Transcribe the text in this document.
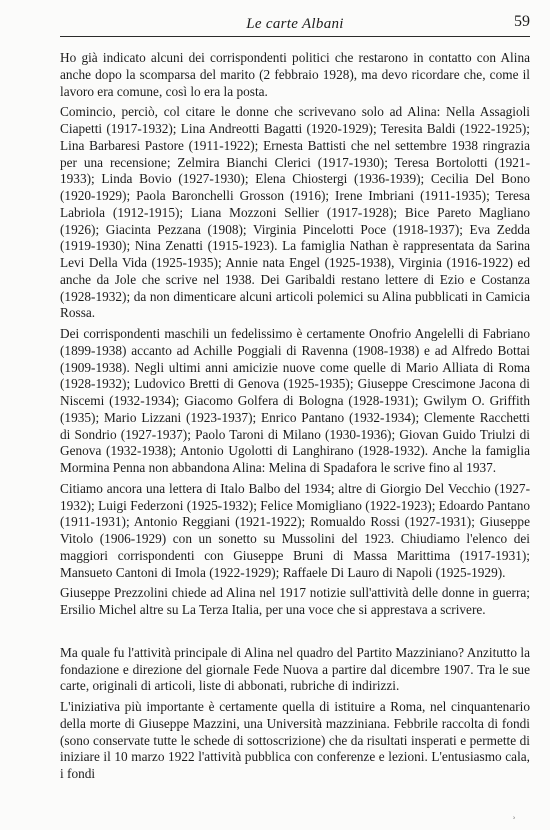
Le carte Albani	59

Ho già indicato alcuni dei corrispondenti politici che restarono in contatto con Alina anche dopo la scomparsa del marito (2 febbraio 1928), ma devo ricordare che, come il lavoro era comune, così lo era la posta.

Comincio, perciò, col citare le donne che scrivevano solo ad Alina: Nella Assagioli Ciapetti (1917-1932); Lina Andreotti Bagatti (1920-1929); Teresita Baldi (1922-1925); Lina Barbaresi Pastore (1911-1922); Ernesta Battisti che nel settembre 1938 ringrazia per una recensione; Zelmira Bianchi Clerici (1917-1930); Teresa Bortolotti (1921-1933); Linda Bovio (1927-1930); Elena Chiostergi (1936-1939); Cecilia Del Bono (1920-1929); Paola Baronchelli Grosson (1916); Irene Imbriani (1911-1935); Teresa Labriola (1912-1915); Liana Mozzoni Sellier (1917-1928); Bice Pareto Magliano (1926); Giacinta Pezzana (1908); Virginia Pincelotti Poce (1918-1937); Eva Zedda (1919-1930); Nina Zenatti (1915-1923). La famiglia Nathan è rappresentata da Sarina Levi Della Vida (1925-1935); Annie nata Engel (1925-1938), Virginia (1916-1922) ed anche da Jole che scrive nel 1938. Dei Garibaldi restano lettere di Ezio e Costanza (1928-1932); da non dimenticare alcuni articoli polemici su Alina pubblicati in Camicia Rossa.

Dei corrispondenti maschili un fedelissimo è certamente Onofrio Angelelli di Fabriano (1899-1938) accanto ad Achille Poggiali di Ravenna (1908-1938) e ad Alfredo Bottai (1909-1938). Negli ultimi anni amicizie nuove come quelle di Mario Alliata di Roma (1928-1932); Ludovico Bretti di Genova (1925-1935); Giuseppe Crescimone Jacona di Niscemi (1932-1934); Giacomo Golfera di Bologna (1928-1931); Gwilym O. Griffith (1935); Mario Lizzani (1923-1937); Enrico Pantano (1932-1934); Clemente Racchetti di Sondrio (1927-1937); Paolo Taroni di Milano (1930-1936); Giovan Guido Triulzi di Genova (1932-1938); Antonio Ugolotti di Langhirano (1928-1932). Anche la famiglia Mormina Penna non abbandona Alina: Melina di Spadafora le scrive fino al 1937.

Citiamo ancora una lettera di Italo Balbo del 1934; altre di Giorgio Del Vecchio (1927-1932); Luigi Federzoni (1925-1932); Felice Momigliano (1922-1923); Edoardo Pantano (1911-1931); Antonio Reggiani (1921-1922); Romualdo Rossi (1927-1931); Giuseppe Vitolo (1906-1929) con un sonetto su Mussolini del 1923. Chiudiamo l'elenco dei maggiori corrispondenti con Giuseppe Bruni di Massa Marittima (1917-1931); Mansueto Cantoni di Imola (1922-1929); Raffaele Di Lauro di Napoli (1925-1929).

Giuseppe Prezzolini chiede ad Alina nel 1917 notizie sull'attività delle donne in guerra; Ersilio Michel altre su La Terza Italia, per una voce che si apprestava a scrivere.

Ma quale fu l'attività principale di Alina nel quadro del Partito Mazziniano? Anzitutto la fondazione e direzione del giornale Fede Nuova a partire dal dicembre 1907. Tra le sue carte, originali di articoli, liste di abbonati, rubriche di indirizzi.

L'iniziativa più importante è certamente quella di istituire a Roma, nel cinquantenario della morte di Giuseppe Mazzini, una Università mazziniana. Febbrile raccolta di fondi (sono conservate tutte le schede di sottoscrizione) che da risultati insperati e permette di iniziare il 10 marzo 1922 l'attività pubblica con conferenze e lezioni. L'entusiasmo cala, i fondi

ʾ
